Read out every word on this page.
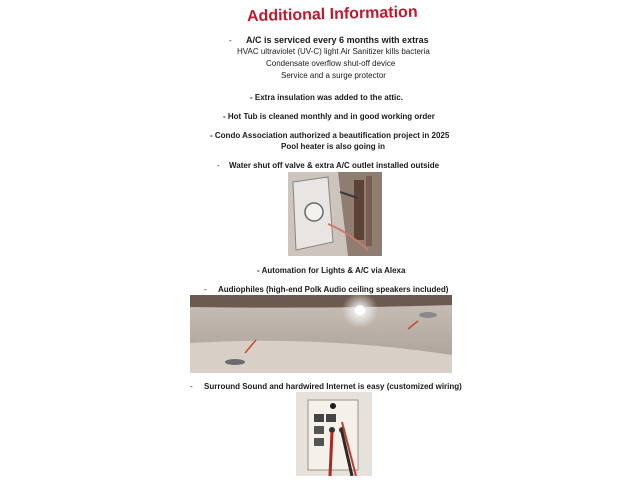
Additional Information
- A/C is serviced every 6 months with extras
HVAC ultraviolet (UV-C) light Air Sanitizer kills bacteria
Condensate overflow shut-off device
Service and a surge protector
- Extra insulation was added to the attic.
- Hot Tub is cleaned monthly and in good working order
- Condo Association authorized a beautification project in 2025
Pool heater is also going in
- Water shut off valve & extra A/C outlet installed outside
- Automation for Lights & A/C via Alexa
- Audiophiles (high-end Polk Audio ceiling speakers included)
- Surround Sound and hardwired Internet is easy (customized wiring)
